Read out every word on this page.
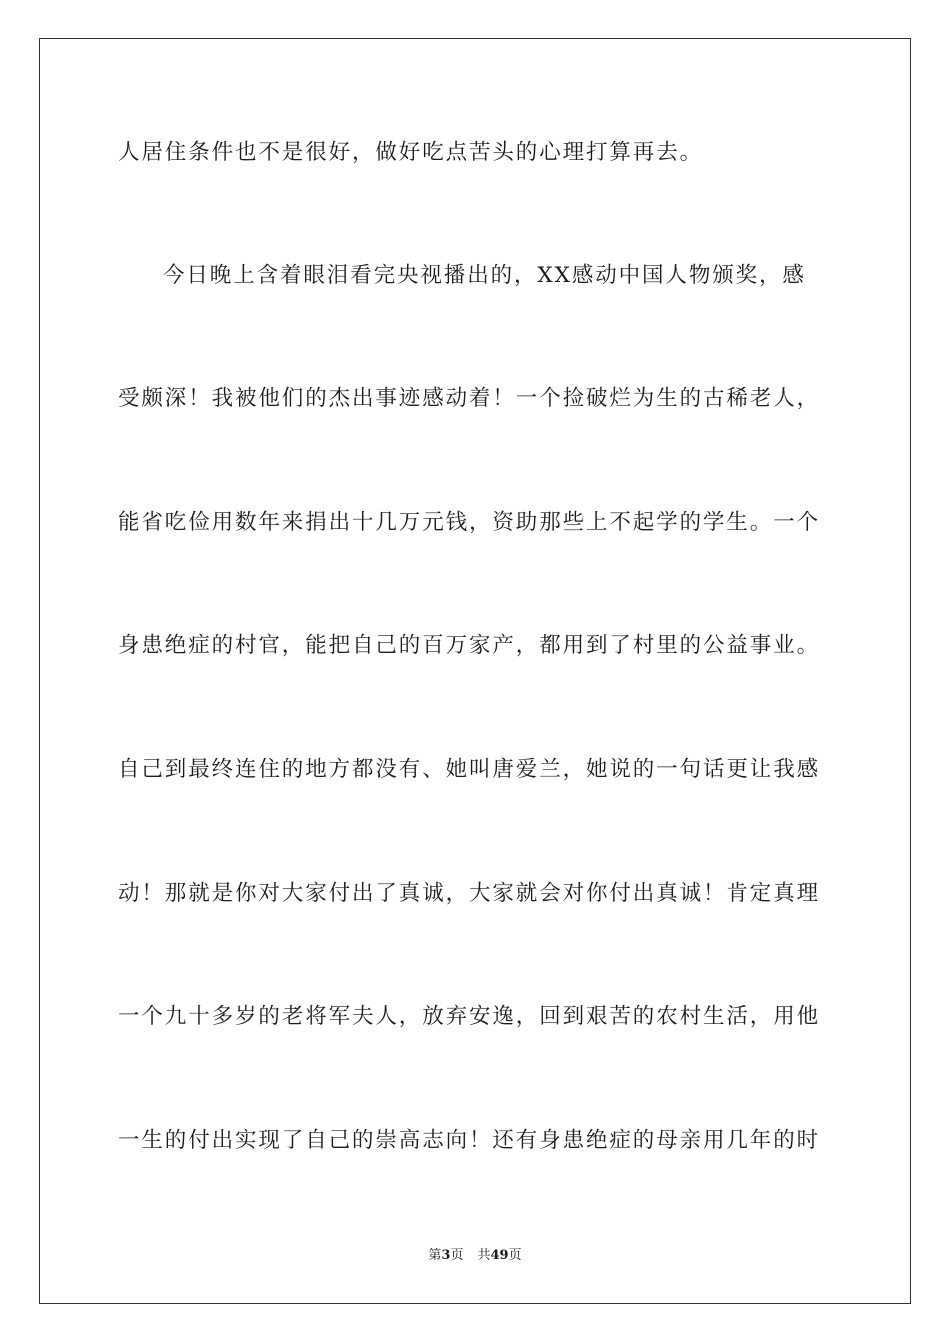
人居住条件也不是很好，做好吃点苦头的心理打算再去。
今日晚上含着眼泪看完央视播出的，XX感动中国人物颁奖，感
受颇深！我被他们的杰出事迹感动着！一个捡破烂为生的古稀老人，
能省吃俭用数年来捐出十几万元钱，资助那些上不起学的学生。一个
身患绝症的村官，能把自己的百万家产，都用到了村里的公益事业。
自己到最终连住的地方都没有、她叫唐爱兰，她说的一句话更让我感
动！那就是你对大家付出了真诚，大家就会对你付出真诚！肯定真理
一个九十多岁的老将军夫人，放弃安逸，回到艰苦的农村生活，用他
一生的付出实现了自己的崇高志向！还有身患绝症的母亲用几年的时
第3页 共49页
